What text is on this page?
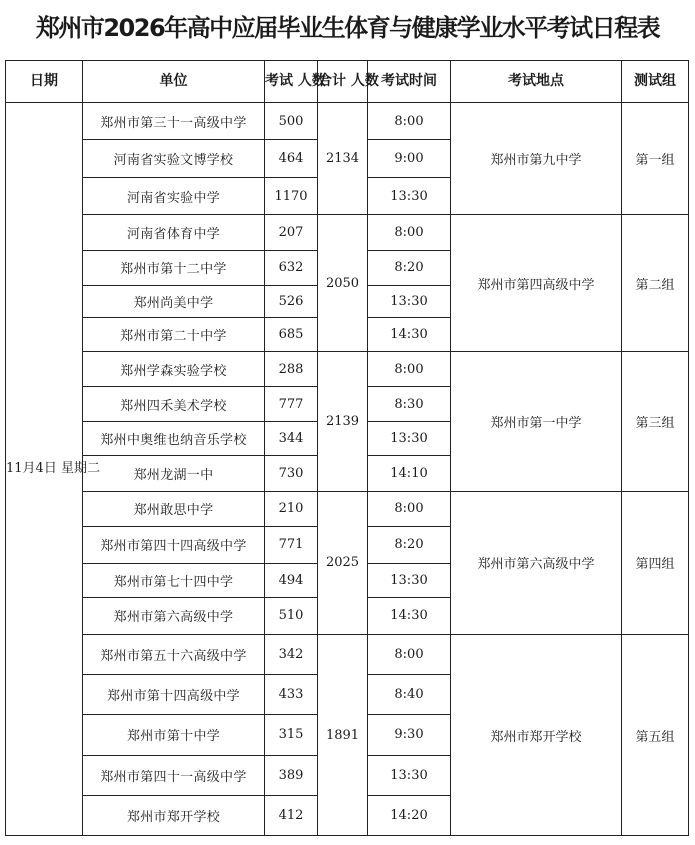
郑州市2026年高中应届毕业生体育与健康学业水平考试日程表
日期	单位	考试 人数	合计 人数	考试时间	考试地点	测试组
11月4日 星期二	郑州市第三十一高级中学	500	2134	8:00	郑州市第九中学	第一组
	河南省实验文博学校	464		9:00		
	河南省实验中学	1170		13:30		
	河南省体育中学	207	2050	8:00	郑州市第四高级中学	第二组
	郑州市第十二中学	632		8:20		
	郑州尚美中学	526		13:30		
	郑州市第二十中学	685		14:30		
	郑州学森实验学校	288	2139	8:00	郑州市第一中学	第三组
	郑州四禾美术学校	777		8:30		
	郑州中奥维也纳音乐学校	344		13:30		
	郑州龙湖一中	730		14:10		
	郑州敢思中学	210	2025	8:00	郑州市第六高级中学	第四组
	郑州市第四十四高级中学	771		8:20		
	郑州市第七十四中学	494		13:30		
	郑州市第六高级中学	510		14:30		
	郑州市第五十六高级中学	342	1891	8:00	郑州市郑开学校	第五组
	郑州市第十四高级中学	433		8:40		
	郑州市第十中学	315		9:30		
	郑州市第四十一高级中学	389		13:30		
	郑州市郑开学校	412		14:20		
